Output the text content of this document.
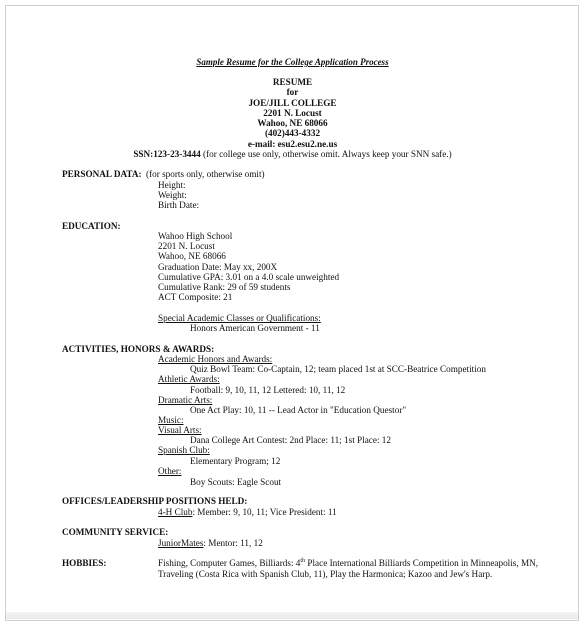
Sample Resume for the College Application Process
RESUME
for
JOE/JILL COLLEGE
2201 N. Locust
Wahoo, NE 68066
(402)443-4332
e-mail: esu2.esu2.ne.us
SSN:123-23-3444 (for college use only, otherwise omit. Always keep your SNN safe.)
PERSONAL DATA: (for sports only, otherwise omit)
Height:
Weight:
Birth Date:
EDUCATION:
Wahoo High School
2201 N. Locust
Wahoo, NE 68066
Graduation Date: May xx, 200X
Cumulative GPA: 3.01 on a 4.0 scale unweighted
Cumulative Rank: 29 of 59 students
ACT Composite: 21
Special Academic Classes or Qualifications:
Honors American Government - 11
ACTIVITIES, HONORS & AWARDS:
Academic Honors and Awards:
Quiz Bowl Team: Co-Captain, 12; team placed 1st at SCC-Beatrice Competition
Athletic Awards:
Football: 9, 10, 11, 12 Lettered: 10, 11, 12
Dramatic Arts:
One Act Play: 10, 11 -- Lead Actor in "Education Questor"
Music:
Visual Arts:
Dana College Art Contest: 2nd Place: 11; 1st Place: 12
Spanish Club:
Elementary Program; 12
Other:
Boy Scouts: Eagle Scout
OFFICES/LEADERSHIP POSITIONS HELD:
4-H Club: Member: 9, 10, 11; Vice President: 11
COMMUNITY SERVICE:
JuniorMates: Mentor: 11, 12
HOBBIES:	Fishing, Computer Games, Billiards: 4th Place International Billiards Competition in Minneapolis, MN,
Traveling (Costa Rica with Spanish Club, 11), Play the Harmonica; Kazoo and Jew's Harp.
